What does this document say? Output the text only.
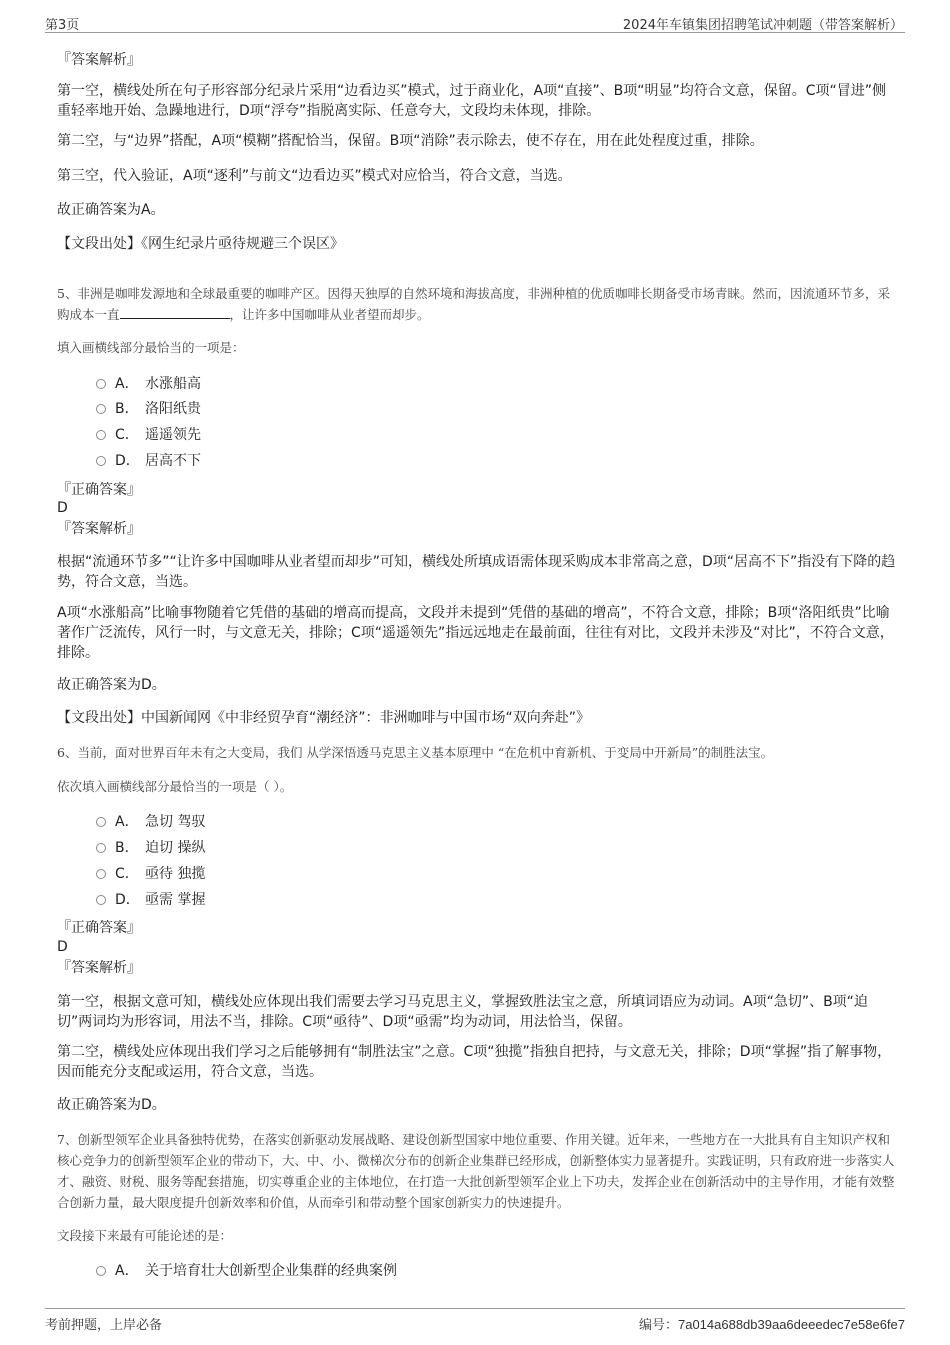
第3页	2024年车镇集团招聘笔试冲刺题（带答案解析）
『答案解析』
第一空，横线处所在句子形容部分纪录片采用“边看边买”模式，过于商业化，A项“直接”、B项“明显”均符合文意，保留。C项“冒进”侧重轻率地开始、急躁地进行，D项“浮夸”指脱离实际、任意夸大，文段均未体现，排除。
第二空，与“边界”搭配，A项“模糊”搭配恰当，保留。B项“消除”表示除去，使不存在，用在此处程度过重，排除。
第三空，代入验证，A项“逐利”与前文“边看边买”模式对应恰当，符合文意，当选。
故正确答案为A。
【文段出处】《网生纪录片亟待规避三个误区》
5、非洲是咖啡发源地和全球最重要的咖啡产区。因得天独厚的自然环境和海拔高度，非洲种植的优质咖啡长期备受市场青睐。然而，因流通环节多，采购成本一直	，让许多中国咖啡从业者望而却步。
填入画横线部分最恰当的一项是：
A． 水涨船高
B． 洛阳纸贵
C． 遥遥领先
D． 居高不下
『正确答案』
D
『答案解析』
根据“流通环节多”“让许多中国咖啡从业者望而却步”可知，横线处所填成语需体现采购成本非常高之意，D项“居高不下”指没有下降的趋势，符合文意，当选。
A项“水涨船高”比喻事物随着它凭借的基础的增高而提高，文段并未提到“凭借的基础的增高”，不符合文意，排除；B项“洛阳纸贵”比喻著作广泛流传，风行一时，与文意无关，排除；C项“遥遥领先”指远远地走在最前面，往往有对比，文段并未涉及“对比”，不符合文意，排除。
故正确答案为D。
【文段出处】中国新闻网《中非经贸孕育“潮经济”：非洲咖啡与中国市场“双向奔赴”》
6、当前，面对世界百年未有之大变局，我们 从学深悟透马克思主义基本原理中 “在危机中育新机、于变局中开新局”的制胜法宝。
依次填入画横线部分最恰当的一项是（ ）。
A． 急切 驾驭
B． 迫切 操纵
C． 亟待 独揽
D． 亟需 掌握
『正确答案』
D
『答案解析』
第一空，根据文意可知，横线处应体现出我们需要去学习马克思主义，掌握致胜法宝之意，所填词语应为动词。A项“急切”、B项“迫切”两词均为形容词，用法不当，排除。C项“亟待”、D项“亟需”均为动词，用法恰当，保留。
第二空，横线处应体现出我们学习之后能够拥有“制胜法宝”之意。C项“独揽”指独自把持，与文意无关，排除；D项“掌握”指了解事物，因而能充分支配或运用，符合文意，当选。
故正确答案为D。
7、创新型领军企业具备独特优势，在落实创新驱动发展战略、建设创新型国家中地位重要、作用关键。近年来，一些地方在一大批具有自主知识产权和核心竞争力的创新型领军企业的带动下，大、中、小、微梯次分布的创新企业集群已经形成，创新整体实力显著提升。实践证明，只有政府进一步落实人才、融资、财税、服务等配套措施，切实尊重企业的主体地位，在打造一大批创新型领军企业上下功夫，发挥企业在创新活动中的主导作用，才能有效整合创新力量，最大限度提升创新效率和价值，从而牵引和带动整个国家创新实力的快速提升。
文段接下来最有可能论述的是：
A． 关于培育壮大创新型企业集群的经典案例
考前押题，上岸必备	编号：7a014a688db39aa6deeedec7e58e6fe7
